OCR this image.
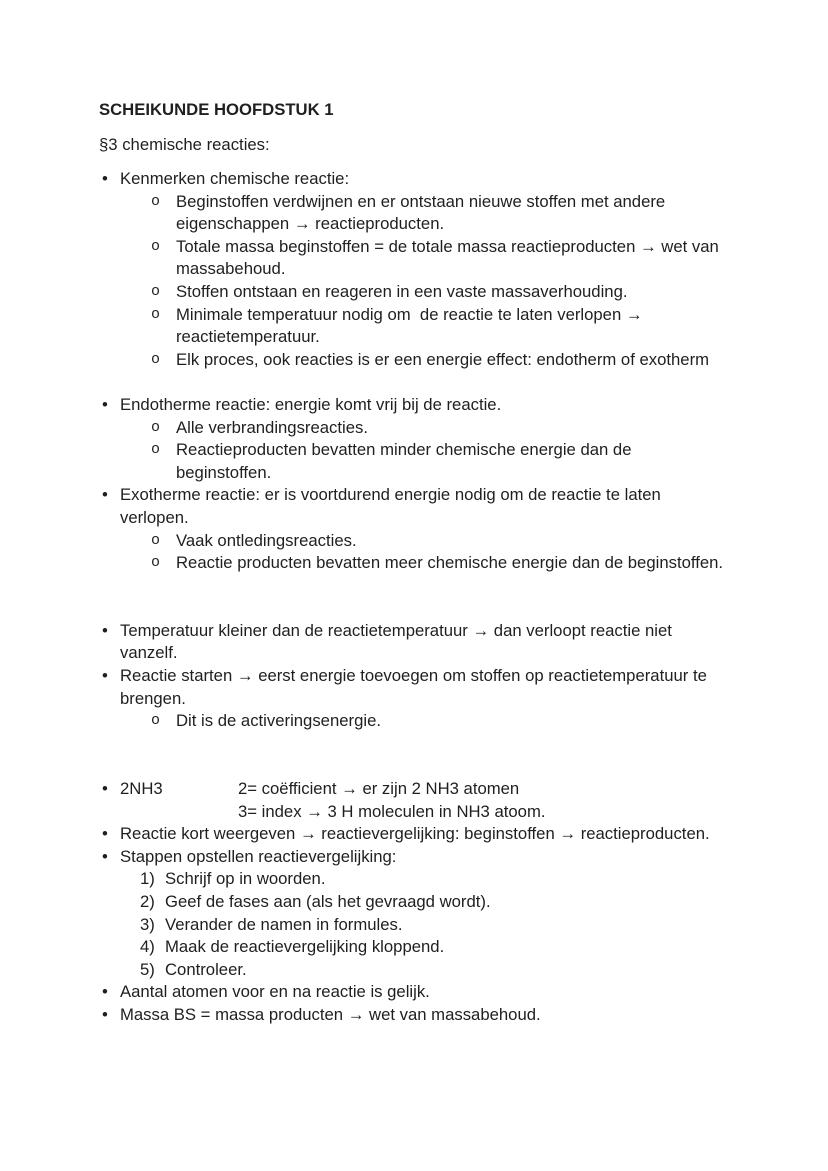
SCHEIKUNDE HOOFDSTUK 1
§3 chemische reacties:
• Kenmerken chemische reactie:
o Beginstoffen verdwijnen en er ontstaan nieuwe stoffen met andere
eigenschappen → reactieproducten.
o Totale massa beginstoffen = de totale massa reactieproducten → wet van
massabehoud.
o Stoffen ontstaan en reageren in een vaste massaverhouding.
o Minimale temperatuur nodig om  de reactie te laten verlopen →
reactietemperatuur.
o Elk proces, ook reacties is er een energie effect: endotherm of exotherm
• Endotherme reactie: energie komt vrij bij de reactie.
o Alle verbrandingsreacties.
o Reactieproducten bevatten minder chemische energie dan de
beginstoffen.
• Exotherme reactie: er is voortdurend energie nodig om de reactie te laten
verlopen.
o Vaak ontledingsreacties.
o Reactie producten bevatten meer chemische energie dan de beginstoffen.
• Temperatuur kleiner dan de reactietemperatuur → dan verloopt reactie niet
vanzelf.
• Reactie starten → eerst energie toevoegen om stoffen op reactietemperatuur te
brengen.
o Dit is de activeringsenergie.
• 2NH3	2= coëfficient → er zijn 2 NH3 atomen
3= index → 3 H moleculen in NH3 atoom.
• Reactie kort weergeven → reactievergelijking: beginstoffen → reactieproducten.
• Stappen opstellen reactievergelijking:
1) Schrijf op in woorden.
2) Geef de fases aan (als het gevraagd wordt).
3) Verander de namen in formules.
4) Maak de reactievergelijking kloppend.
5) Controleer.
• Aantal atomen voor en na reactie is gelijk.
• Massa BS = massa producten → wet van massabehoud.
